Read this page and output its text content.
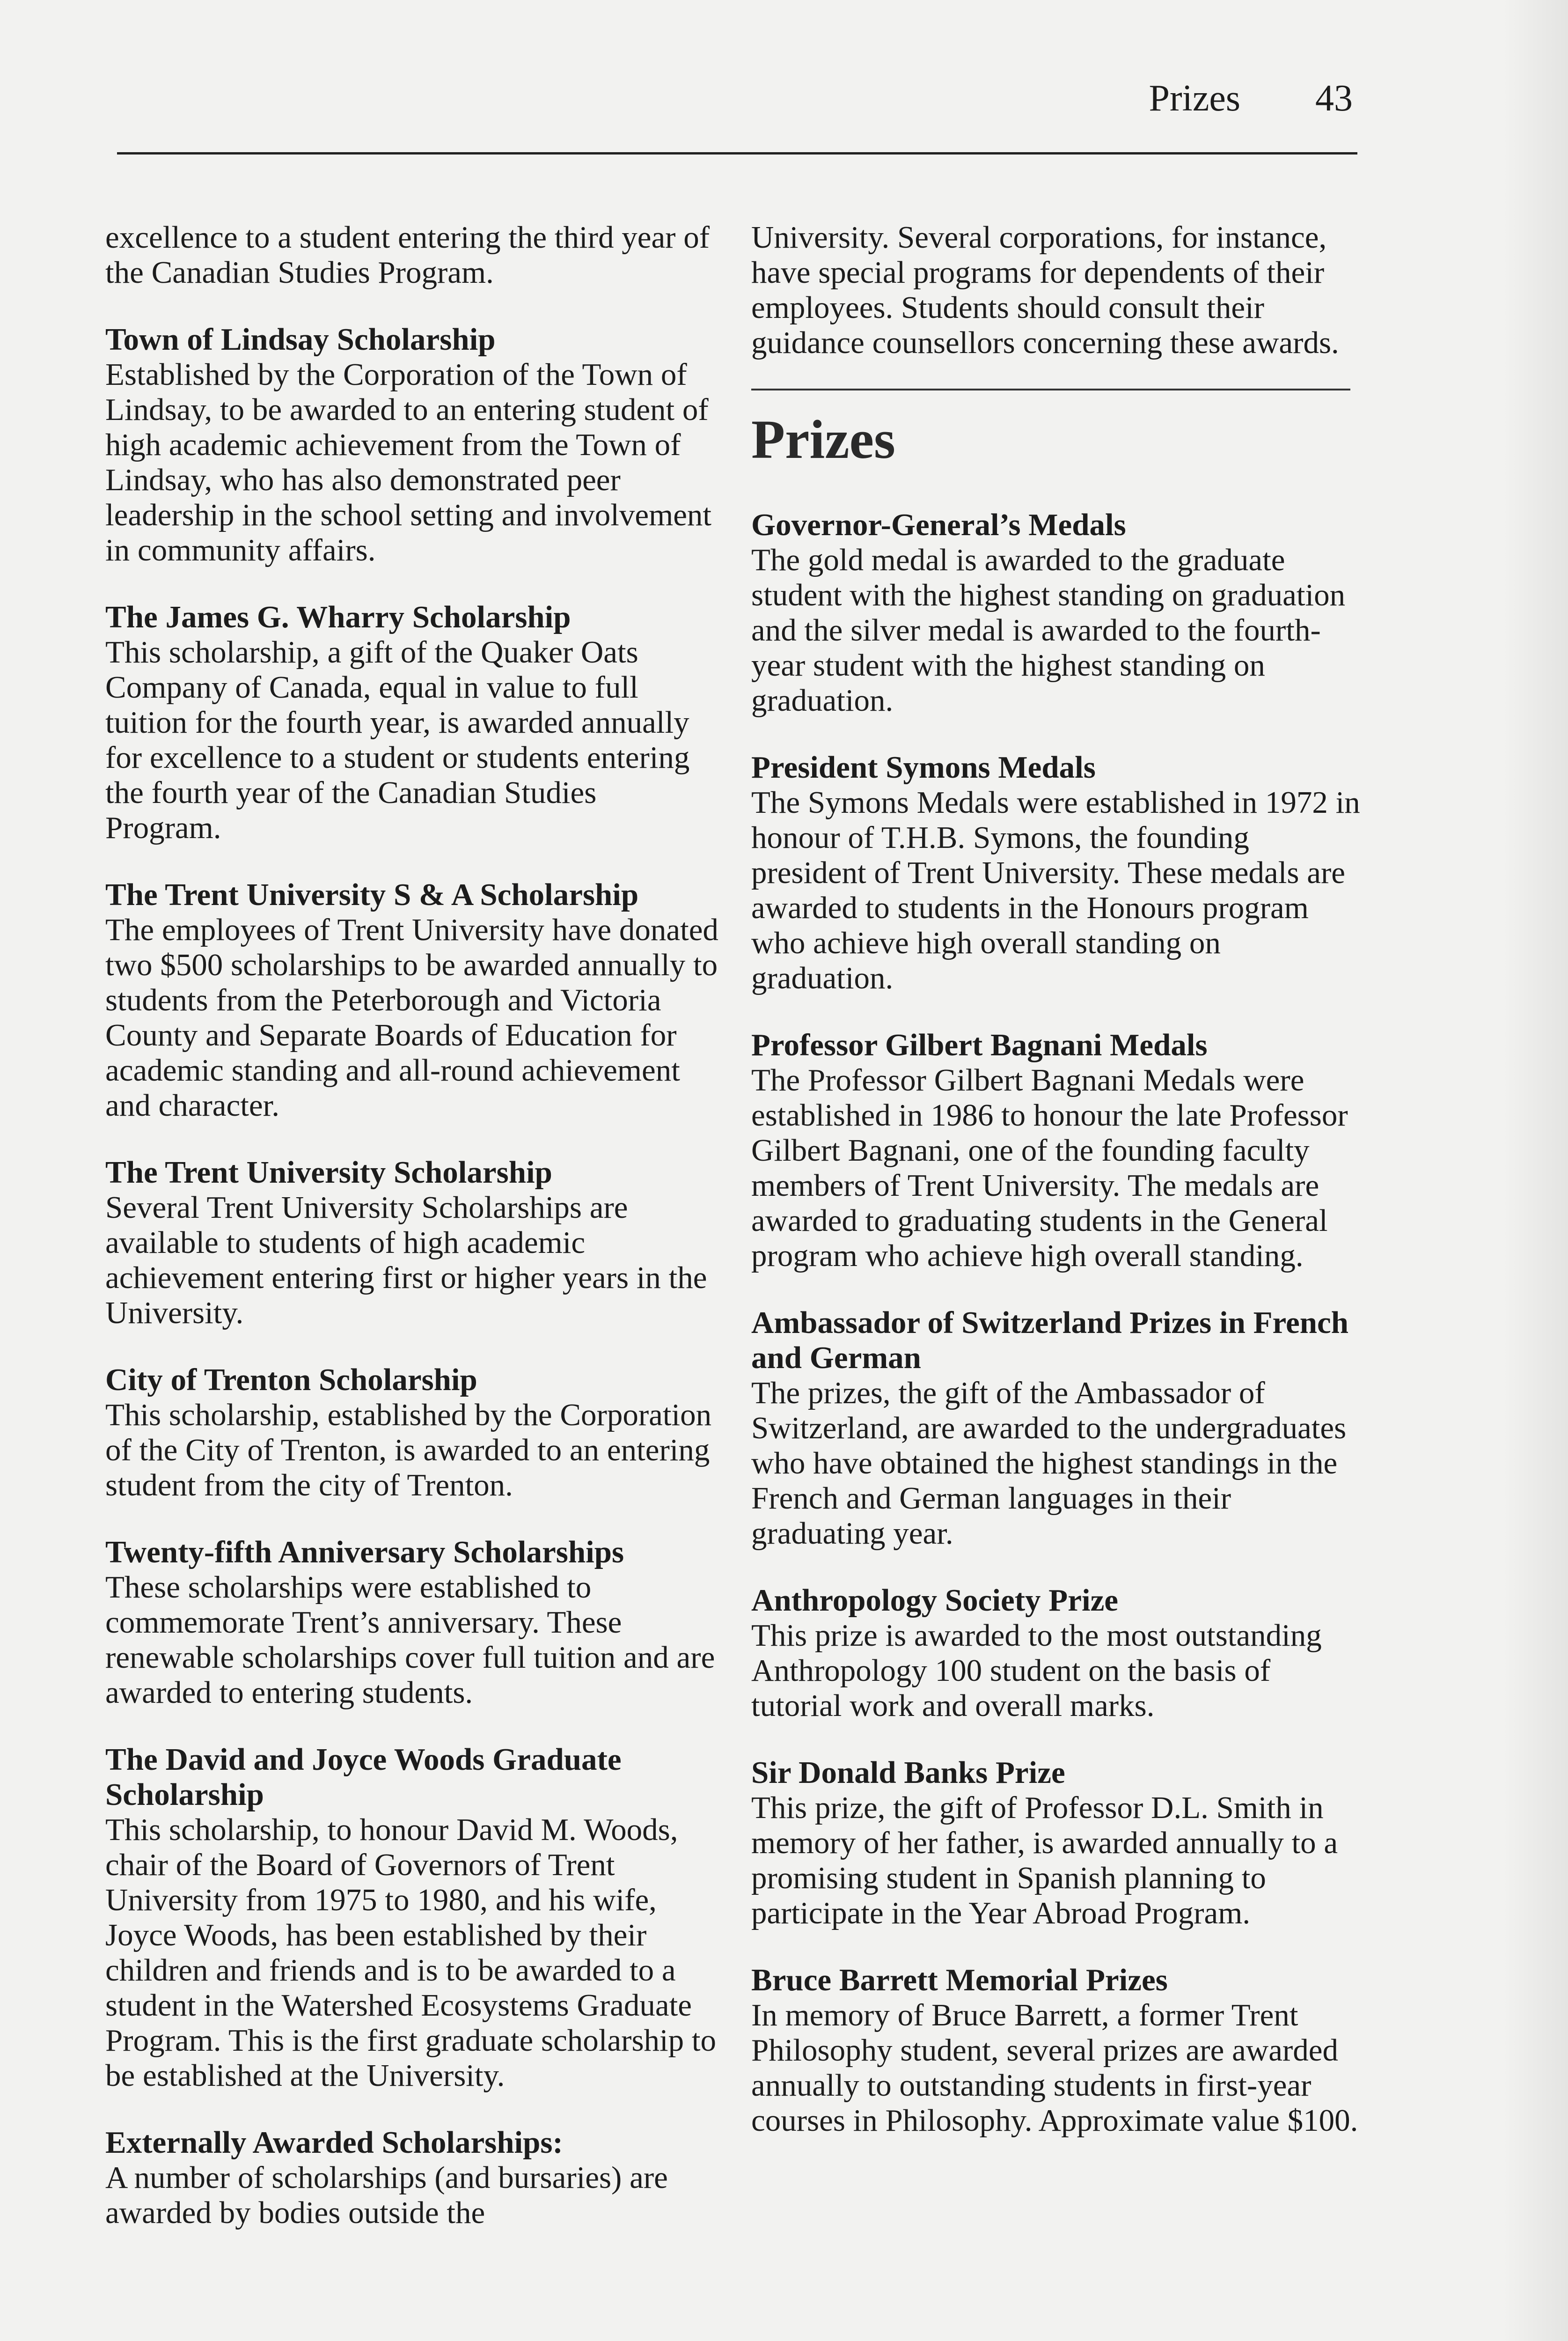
Prizes 43

excellence to a student entering the third year of the Canadian Studies Program.

Town of Lindsay Scholarship
Established by the Corporation of the Town of Lindsay, to be awarded to an entering student of high academic achievement from the Town of Lindsay, who has also demonstrated peer leadership in the school setting and involvement in community affairs.
The James G. Wharry Scholarship
This scholarship, a gift of the Quaker Oats Company of Canada, equal in value to full tuition for the fourth year, is awarded annually for excellence to a student or students entering the fourth year of the Canadian Studies Program.
The Trent University S & A Scholarship
The employees of Trent University have donated two $500 scholarships to be awarded annually to students from the Peterborough and Victoria County and Separate Boards of Education for academic standing and all-round achievement and character.
The Trent University Scholarship
Several Trent University Scholarships are available to students of high academic achievement entering first or higher years in the University.
City of Trenton Scholarship
This scholarship, established by the Corporation of the City of Trenton, is awarded to an entering student from the city of Trenton.
Twenty-fifth Anniversary Scholarships
These scholarships were established to commemorate Trent’s anniversary. These renewable scholarships cover full tuition and are awarded to entering students.
The David and Joyce Woods Graduate Scholarship
This scholarship, to honour David M. Woods, chair of the Board of Governors of Trent University from 1975 to 1980, and his wife, Joyce Woods, has been established by their children and friends and is to be awarded to a student in the Watershed Ecosystems Graduate Program. This is the first graduate scholarship to be established at the University.
Externally Awarded Scholarships:
A number of scholarships (and bursaries) are awarded by bodies outside the

University. Several corporations, for instance, have special programs for dependents of their employees. Students should consult their guidance counsellors concerning these awards.

Prizes
Governor-General’s Medals
The gold medal is awarded to the graduate student with the highest standing on graduation and the silver medal is awarded to the fourth-year student with the highest standing on graduation.
President Symons Medals
The Symons Medals were established in 1972 in honour of T.H.B. Symons, the founding president of Trent University. These medals are awarded to students in the Honours program who achieve high overall standing on graduation.
Professor Gilbert Bagnani Medals
The Professor Gilbert Bagnani Medals were established in 1986 to honour the late Professor Gilbert Bagnani, one of the founding faculty members of Trent University. The medals are awarded to graduating students in the General program who achieve high overall standing.
Ambassador of Switzerland Prizes in French and German
The prizes, the gift of the Ambassador of Switzerland, are awarded to the undergraduates who have obtained the highest standings in the French and German languages in their graduating year.
Anthropology Society Prize
This prize is awarded to the most outstanding Anthropology 100 student on the basis of tutorial work and overall marks.
Sir Donald Banks Prize
This prize, the gift of Professor D.L. Smith in memory of her father, is awarded annually to a promising student in Spanish planning to participate in the Year Abroad Program.
Bruce Barrett Memorial Prizes
In memory of Bruce Barrett, a former Trent Philosophy student, several prizes are awarded annually to outstanding students in first-year courses in Philosophy. Approximate value $100.
